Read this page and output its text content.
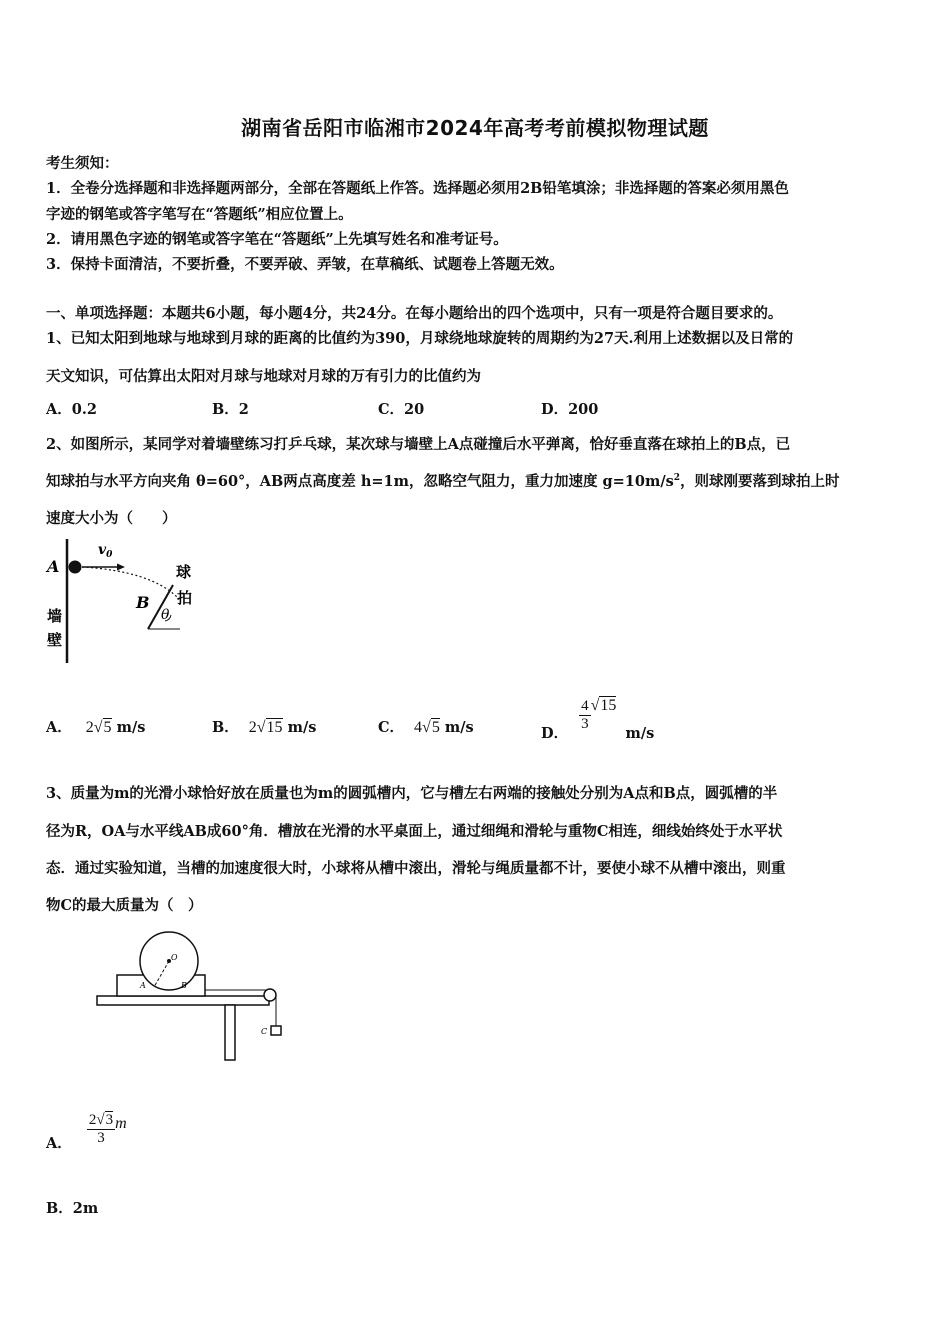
湖南省岳阳市临湘市2024年高考考前模拟物理试题
考生须知：
1．全卷分选择题和非选择题两部分，全部在答题纸上作答。选择题必须用2B铅笔填涂；非选择题的答案必须用黑色
字迹的钢笔或答字笔写在“答题纸”相应位置上。
2．请用黑色字迹的钢笔或答字笔在“答题纸”上先填写姓名和准考证号。
3．保持卡面清洁，不要折叠，不要弄破、弄皱，在草稿纸、试题卷上答题无效。
一、单项选择题：本题共6小题，每小题4分，共24分。在每小题给出的四个选项中，只有一项是符合题目要求的。
1、已知太阳到地球与地球到月球的距离的比值约为390，月球绕地球旋转的周期约为27天.利用上述数据以及日常的
天文知识，可估算出太阳对月球与地球对月球的万有引力的比值约为
A．0.2	B．2	C．20	D．200
2、如图所示，某同学对着墙壁练习打乒乓球，某次球与墙壁上A点碰撞后水平弹离，恰好垂直落在球拍上的B点，已
知球拍与水平方向夹角 θ=60°，AB两点高度差 h=1m，忽略空气阻力，重力加速度 $g=10m/s^2$，则球刚要落到球拍上时
速度大小为（　　）
A
$v_0$
B
θ
墙
壁
球
拍
A． 2√5 m/s	B． 2√15 m/s	C． 4√5 m/s	D． $\frac{4}{3} √15$ m/s
3、质量为m的光滑小球恰好放在质量也为m的圆弧槽内，它与槽左右两端的接触处分别为A点和B点，圆弧槽的半
径为R，OA与水平线AB成60°角．槽放在光滑的水平桌面上，通过细绳和滑轮与重物C相连，细线始终处于水平状
态．通过实验知道，当槽的加速度很大时，小球将从槽中滚出，滑轮与绳质量都不计，要使小球不从槽中滚出，则重
物C的最大质量为（　）
O
A	B
C
A． $\frac{2√3}{3}$ m
B．2m
